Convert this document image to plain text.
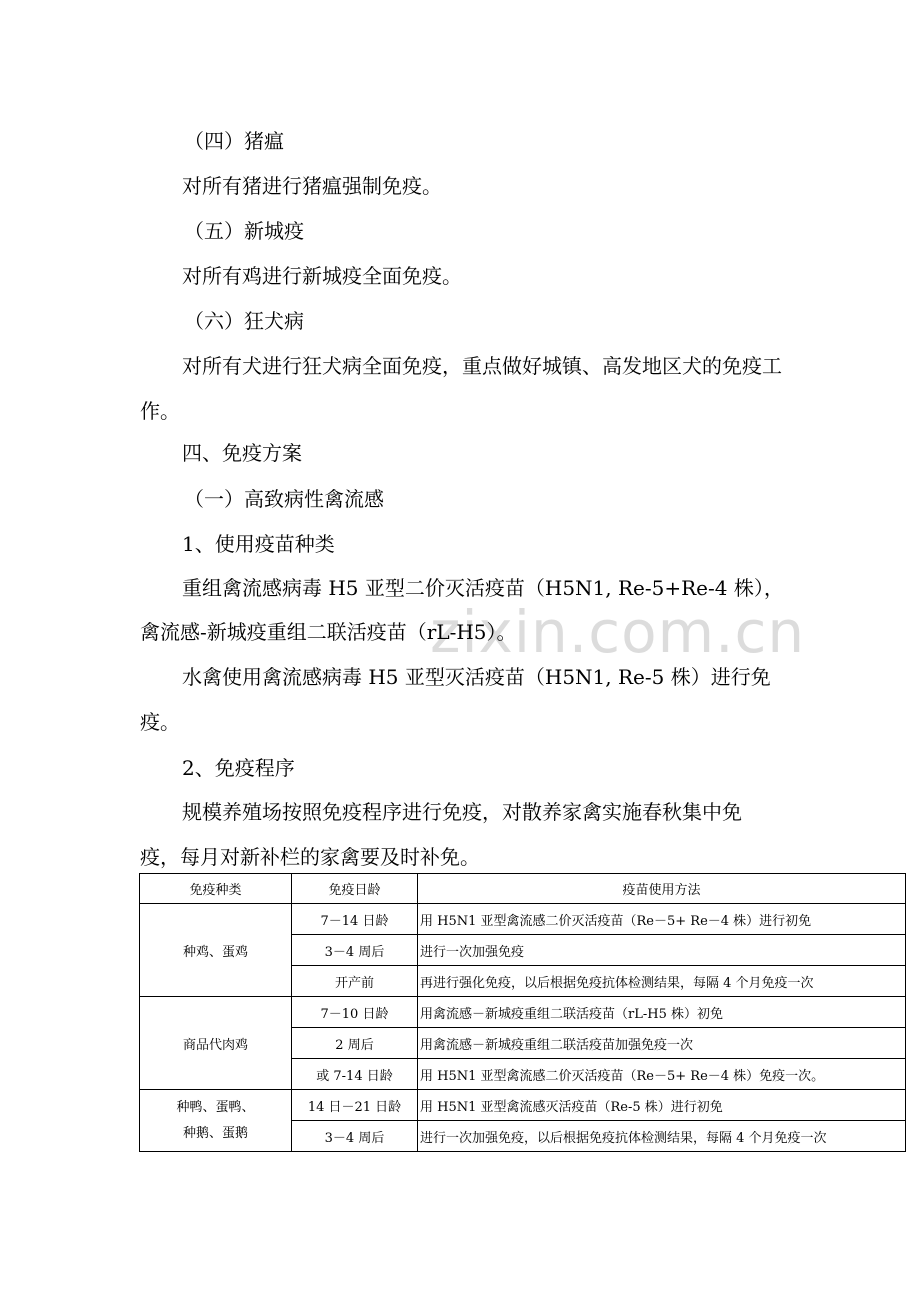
zixin.com.cn
（四）猪瘟
对所有猪进行猪瘟强制免疫。
（五）新城疫
对所有鸡进行新城疫全面免疫。
（六）狂犬病
对所有犬进行狂犬病全面免疫，重点做好城镇、高发地区犬的免疫工
作。
四、免疫方案
（一）高致病性禽流感
1、使用疫苗种类
重组禽流感病毒 H5 亚型二价灭活疫苗（H5N1, Re-5+Re-4 株），
禽流感-新城疫重组二联活疫苗（rL-H5）。
水禽使用禽流感病毒 H5 亚型灭活疫苗（H5N1, Re-5 株）进行免
疫。
2、免疫程序
规模养殖场按照免疫程序进行免疫，对散养家禽实施春秋集中免
疫，每月对新补栏的家禽要及时补免。
免疫种类	免疫日龄	疫苗使用方法
种鸡、蛋鸡	7－14 日龄	用 H5N1 亚型禽流感二价灭活疫苗（Re－5+ Re－4 株）进行初免
	3－4 周后	进行一次加强免疫
	开产前	再进行强化免疫，以后根据免疫抗体检测结果，每隔 4 个月免疫一次
商品代肉鸡	7－10 日龄	用禽流感－新城疫重组二联活疫苗（rL-H5 株）初免
	2 周后	用禽流感－新城疫重组二联活疫苗加强免疫一次
	或 7-14 日龄	用 H5N1 亚型禽流感二价灭活疫苗（Re－5+ Re－4 株）免疫一次。

种鸭、蛋鸭、
种鹅、蛋鹅	14 日－21 日龄	用 H5N1 亚型禽流感灭活疫苗（Re-5 株）进行初免
	3－4 周后	进行一次加强免疫，以后根据免疫抗体检测结果，每隔 4 个月免疫一次
